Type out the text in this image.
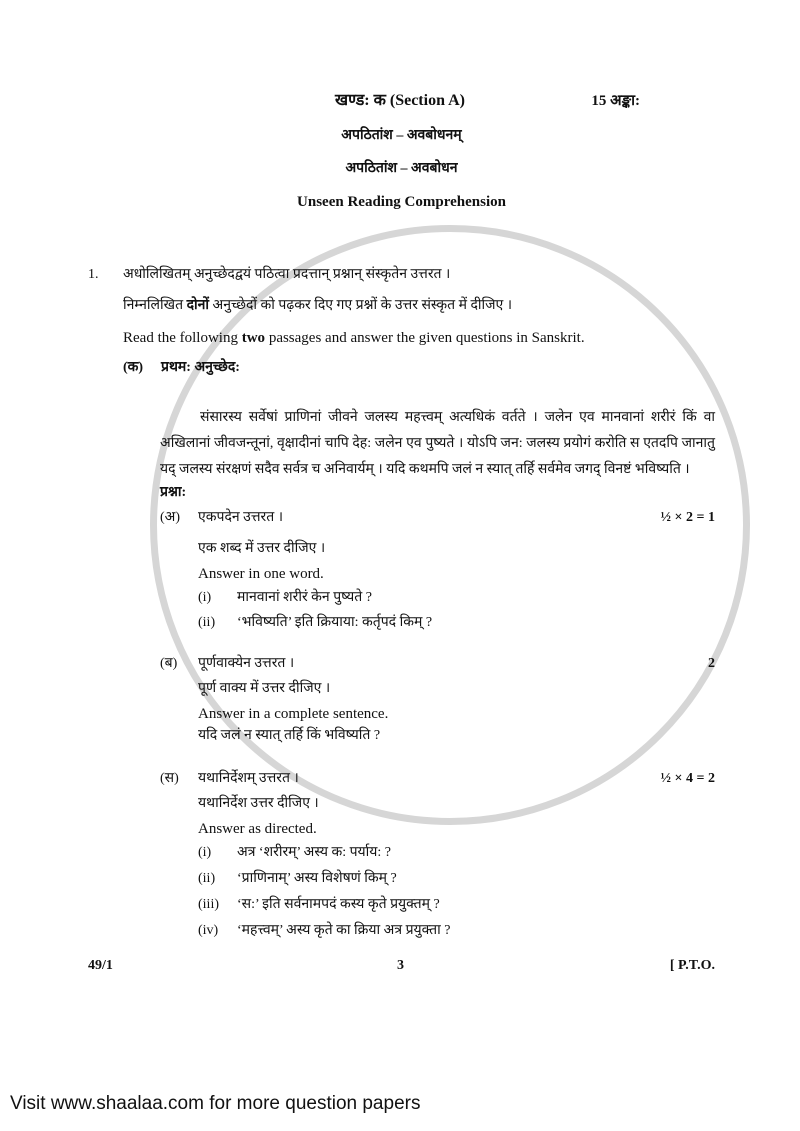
खण्ड: क (Section A)	15 अङ्का:
अपठितांश – अवबोधनम्
अपठितांश – अवबोधन
Unseen Reading Comprehension
1.	अधोलिखितम् अनुच्छेदद्वयं पठित्वा प्रदत्तान् प्रश्नान् संस्कृतेन उत्तरत ।
निम्नलिखित दोनों अनुच्छेदों को पढ़कर दिए गए प्रश्नों के उत्तर संस्कृत में दीजिए ।
Read the following two passages and answer the given questions in Sanskrit.
(क)	प्रथम: अनुच्छेद:
संसारस्य सर्वेषां प्राणिनां जीवने जलस्य महत्त्वम् अत्यधिकं वर्तते । जलेन एव मानवानां शरीरं किं वा अखिलानां जीवजन्तूनां, वृक्षादीनां चापि देह: जलेन एव पुष्यते । योऽपि जन: जलस्य प्रयोगं करोति स एतदपि जानातु यद् जलस्य संरक्षणं सदैव सर्वत्र च अनिवार्यम् । यदि कथमपि जलं न स्यात् तर्हि सर्वमेव जगद् विनष्टं भविष्यति ।
प्रश्ना:
(अ)	एकपदेन उत्तरत ।	½ × 2 = 1
एक शब्द में उत्तर दीजिए ।
Answer in one word.
(i)	मानवानां शरीरं केन पुष्यते ?
(ii)	‘भविष्यति’ इति क्रियाया: कर्तृपदं किम् ?
(ब)	पूर्णवाक्येन उत्तरत ।	2
पूर्ण वाक्य में उत्तर दीजिए ।
Answer in a complete sentence.
यदि जलं न स्यात् तर्हि किं भविष्यति ?
(स)	यथानिर्देशम् उत्तरत ।	½ × 4 = 2
यथानिर्देश उत्तर दीजिए ।
Answer as directed.
(i)	अत्र ‘शरीरम्’ अस्य क: पर्याय: ?
(ii)	‘प्राणिनाम्’ अस्य विशेषणं किम् ?
(iii)	‘स:’ इति सर्वनामपदं कस्य कृते प्रयुक्तम् ?
(iv)	‘महत्त्वम्’ अस्य कृते का क्रिया अत्र प्रयुक्ता ?
49/1	3	[ P.T.O.
Visit www.shaalaa.com for more question papers
